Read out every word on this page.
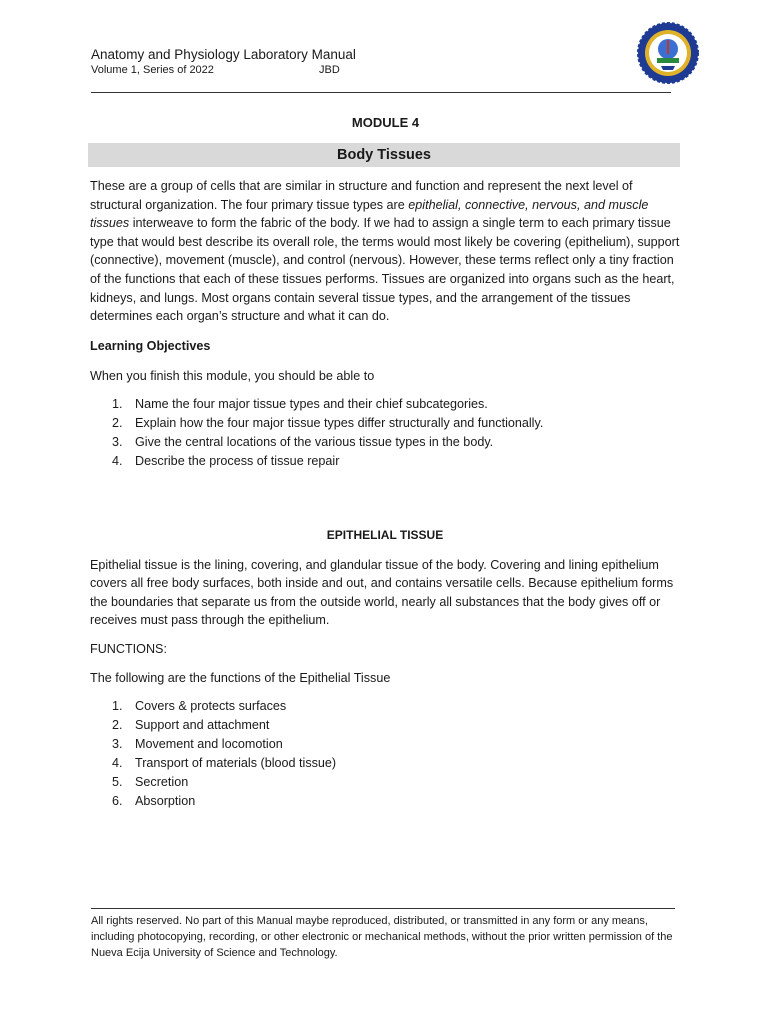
Anatomy and Physiology Laboratory Manual
Volume 1, Series of 2022	JBD
MODULE 4
Body Tissues

These are a group of cells that are similar in structure and function and represent the next level of structural organization. The four primary tissue types are epithelial, connective, nervous, and muscle tissues interweave to form the fabric of the body. If we had to assign a single term to each primary tissue type that would best describe its overall role, the terms would most likely be covering (epithelium), support (connective), movement (muscle), and control (nervous). However, these terms reflect only a tiny fraction of the functions that each of these tissues performs. Tissues are organized into organs such as the heart, kidneys, and lungs. Most organs contain several tissue types, and the arrangement of the tissues determines each organ’s structure and what it can do.

Learning Objectives

When you finish this module, you should be able to

1. Name the four major tissue types and their chief subcategories.
2. Explain how the four major tissue types differ structurally and functionally.
3. Give the central locations of the various tissue types in the body.
4. Describe the process of tissue repair

EPITHELIAL TISSUE

Epithelial tissue is the lining, covering, and glandular tissue of the body. Covering and lining epithelium covers all free body surfaces, both inside and out, and contains versatile cells. Because epithelium forms the boundaries that separate us from the outside world, nearly all substances that the body gives off or receives must pass through the epithelium.

FUNCTIONS:

The following are the functions of the Epithelial Tissue

1. Covers & protects surfaces
2. Support and attachment
3. Movement and locomotion
4. Transport of materials (blood tissue)
5. Secretion
6. Absorption
All rights reserved. No part of this Manual maybe reproduced, distributed, or transmitted in any form or any means, including photocopying, recording, or other electronic or mechanical methods, without the prior written permission of the Nueva Ecija University of Science and Technology.
